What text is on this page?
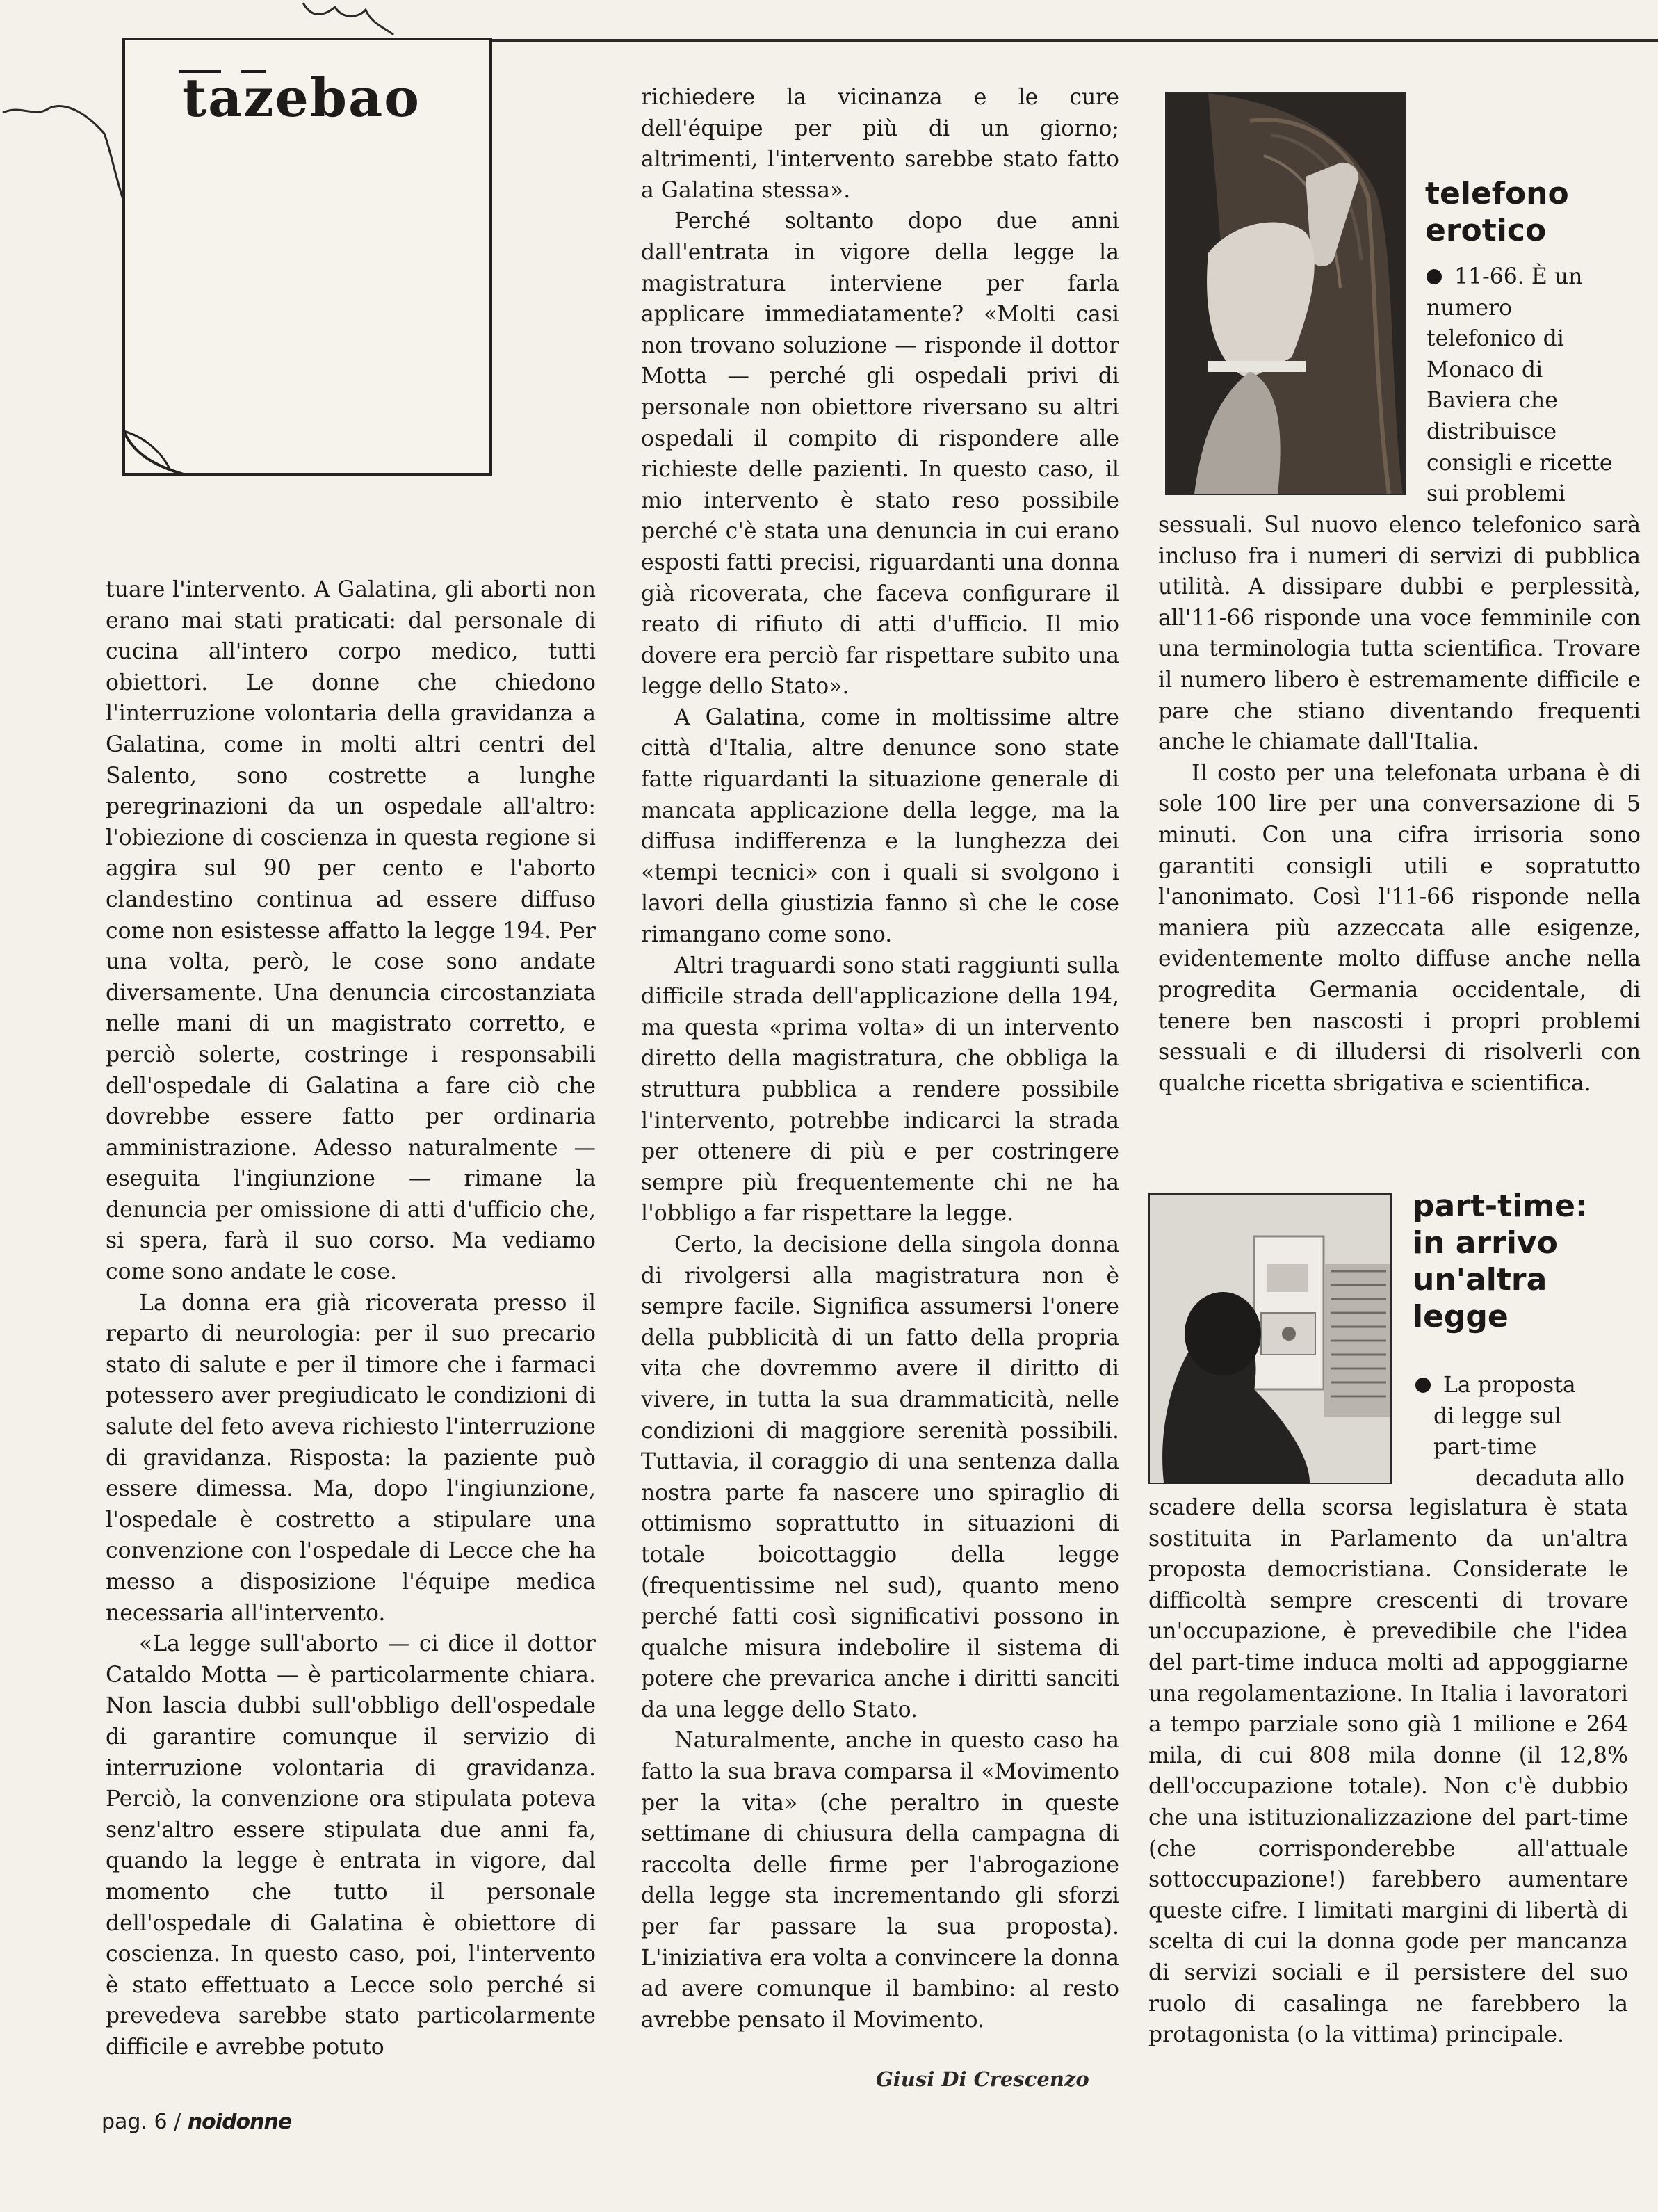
tazebao

tuare l'intervento. A Galatina, gli aborti non erano mai stati praticati: dal personale di cucina all'intero corpo medico, tutti obiettori. Le donne che chiedono l'interruzione volontaria della gravidanza a Galatina, come in molti altri centri del Salento, sono costrette a lunghe peregrinazioni da un ospedale all'altro: l'obiezione di coscienza in questa regione si aggira sul 90 per cento e l'aborto clandestino continua ad essere diffuso come non esistesse affatto la legge 194. Per una volta, però, le cose sono andate diversamente. Una denuncia circostanziata nelle mani di un magistrato corretto, e perciò solerte, costringe i responsabili dell'ospedale di Galatina a fare ciò che dovrebbe essere fatto per ordinaria amministrazione. Adesso naturalmente — eseguita l'ingiunzione — rimane la denuncia per omissione di atti d'ufficio che, si spera, farà il suo corso. Ma vediamo come sono andate le cose.

La donna era già ricoverata presso il reparto di neurologia: per il suo precario stato di salute e per il timore che i farmaci potessero aver pregiudicato le condizioni di salute del feto aveva richiesto l'interruzione di gravidanza. Risposta: la paziente può essere dimessa. Ma, dopo l'ingiunzione, l'ospedale è costretto a stipulare una convenzione con l'ospedale di Lecce che ha messo a disposizione l'équipe medica necessaria all'intervento.

«La legge sull'aborto — ci dice il dottor Cataldo Motta — è particolarmente chiara. Non lascia dubbi sull'obbligo dell'ospedale di garantire comunque il servizio di interruzione volontaria di gravidanza. Perciò, la convenzione ora stipulata poteva senz'altro essere stipulata due anni fa, quando la legge è entrata in vigore, dal momento che tutto il personale dell'ospedale di Galatina è obiettore di coscienza. In questo caso, poi, l'intervento è stato effettuato a Lecce solo perché si prevedeva sarebbe stato particolarmente difficile e avrebbe potuto

richiedere la vicinanza e le cure dell'équipe per più di un giorno; altrimenti, l'intervento sarebbe stato fatto a Galatina stessa».

Perché soltanto dopo due anni dall'entrata in vigore della legge la magistratura interviene per farla applicare immediatamente? «Molti casi non trovano soluzione — risponde il dottor Motta — perché gli ospedali privi di personale non obiettore riversano su altri ospedali il compito di rispondere alle richieste delle pazienti. In questo caso, il mio intervento è stato reso possibile perché c'è stata una denuncia in cui erano esposti fatti precisi, riguardanti una donna già ricoverata, che faceva configurare il reato di rifiuto di atti d'ufficio. Il mio dovere era perciò far rispettare subito una legge dello Stato».

A Galatina, come in moltissime altre città d'Italia, altre denunce sono state fatte riguardanti la situazione generale di mancata applicazione della legge, ma la diffusa indifferenza e la lunghezza dei «tempi tecnici» con i quali si svolgono i lavori della giustizia fanno sì che le cose rimangano come sono.

Altri traguardi sono stati raggiunti sulla difficile strada dell'applicazione della 194, ma questa «prima volta» di un intervento diretto della magistratura, che obbliga la struttura pubblica a rendere possibile l'intervento, potrebbe indicarci la strada per ottenere di più e per costringere sempre più frequentemente chi ne ha l'obbligo a far rispettare la legge.

Certo, la decisione della singola donna di rivolgersi alla magistratura non è sempre facile. Significa assumersi l'onere della pubblicità di un fatto della propria vita che dovremmo avere il diritto di vivere, in tutta la sua drammaticità, nelle condizioni di maggiore serenità possibili. Tuttavia, il coraggio di una sentenza dalla nostra parte fa nascere uno spiraglio di ottimismo soprattutto in situazioni di totale boicottaggio della legge (frequentissime nel sud), quanto meno perché fatti così significativi possono in qualche misura indebolire il sistema di potere che prevarica anche i diritti sanciti da una legge dello Stato.

Naturalmente, anche in questo caso ha fatto la sua brava comparsa il «Movimento per la vita» (che peraltro in queste settimane di chiusura della campagna di raccolta delle firme per l'abrogazione della legge sta incrementando gli sforzi per far passare la sua proposta). L'iniziativa era volta a convincere la donna ad avere comunque il bambino: al resto avrebbe pensato il Movimento.

Giusi Di Crescenzo
telefono
erotico
11-66. È un
numero
telefonico di
Monaco di
Baviera che
distribuisce
consigli e ricette
sui problemi

sessuali. Sul nuovo elenco telefonico sarà incluso fra i numeri di servizi di pubblica utilità. A dissipare dubbi e perplessità, all'11-66 risponde una voce femminile con una terminologia tutta scientifica. Trovare il numero libero è estremamente difficile e pare che stiano diventando frequenti anche le chiamate dall'Italia.

Il costo per una telefonata urbana è di sole 100 lire per una conversazione di 5 minuti. Con una cifra irrisoria sono garantiti consigli utili e sopratutto l'anonimato. Così l'11-66 risponde nella maniera più azzeccata alle esigenze, evidentemente molto diffuse anche nella progredita Germania occidentale, di tenere ben nascosti i propri problemi sessuali e di illudersi di risolverli con qualche ricetta sbrigativa e scientifica.

part-time:
in arrivo
un'altra
legge
La proposta
di legge sul
part-time
decaduta allo

scadere della scorsa legislatura è stata sostituita in Parlamento da un'altra proposta democristiana. Considerate le difficoltà sempre crescenti di trovare un'occupazione, è prevedibile che l'idea del part-time induca molti ad appoggiarne una regolamentazione. In Italia i lavoratori a tempo parziale sono già 1 milione e 264 mila, di cui 808 mila donne (il 12,8% dell'occupazione totale). Non c'è dubbio che una istituzionalizzazione del part-time (che corrisponderebbe all'attuale sottoccupazione!) farebbero aumentare queste cifre. I limitati margini di libertà di scelta di cui la donna gode per mancanza di servizi sociali e il persistere del suo ruolo di casalinga ne farebbero la protagonista (o la vittima) principale.

pag. 6 / noidonne
